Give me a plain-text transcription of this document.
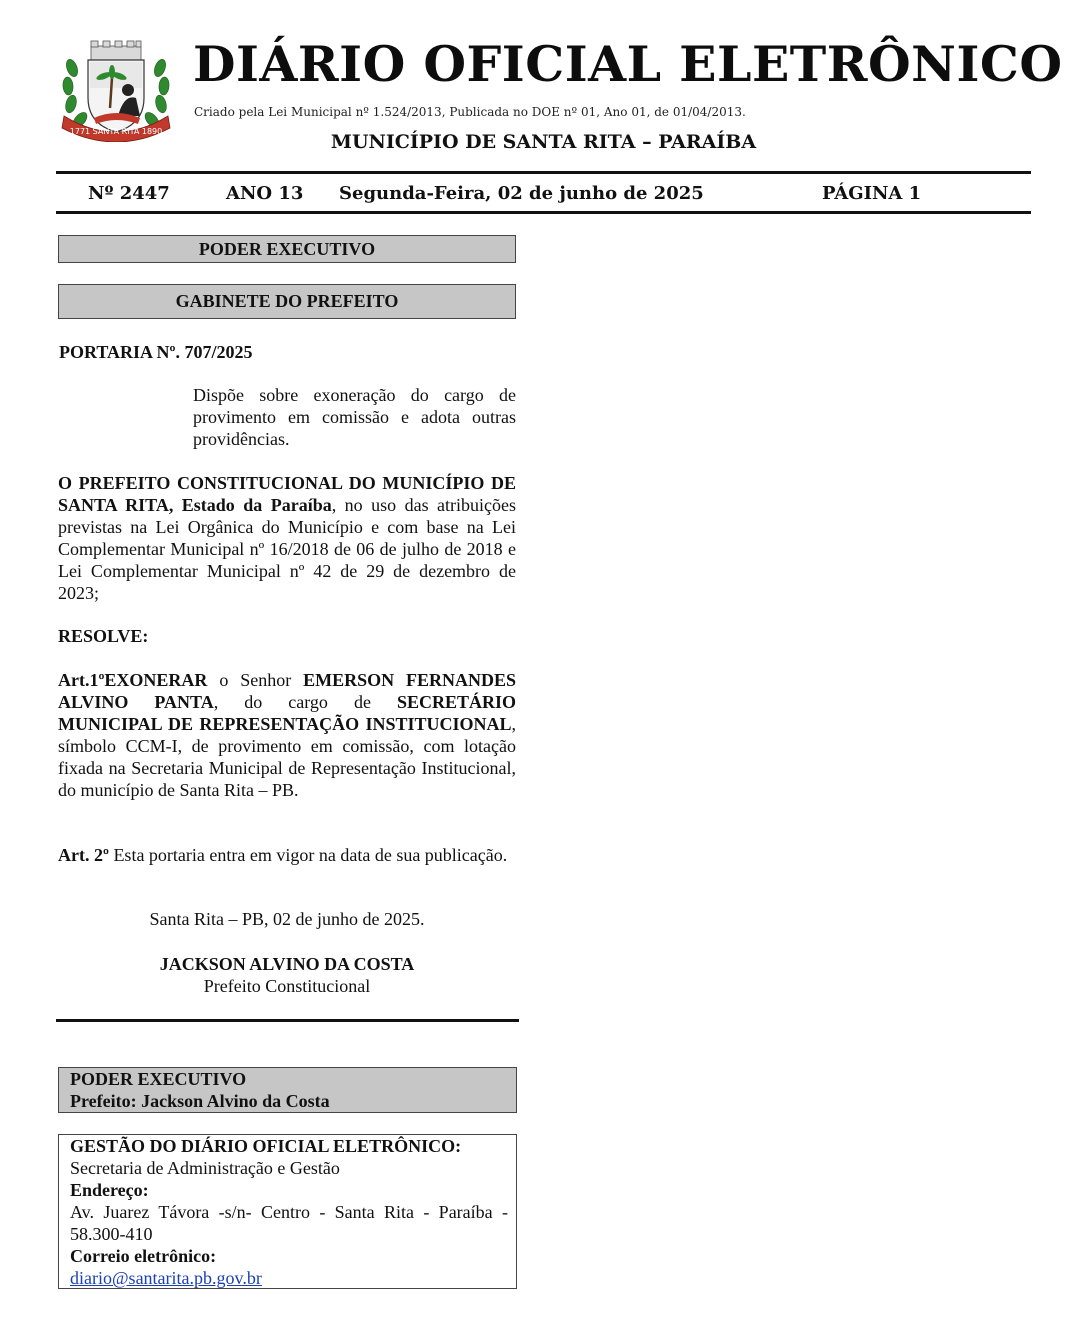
1771 SANTA RITA 1890
DIÁRIO OFICIAL ELETRÔNICO
Criado pela Lei Municipal nº 1.524/2013, Publicada no DOE nº 01, Ano 01, de 01/04/2013.
MUNICÍPIO DE SANTA RITA – PARAÍBA
Nº 2447	ANO 13 Segunda-Feira, 02 de junho de 2025	PÁGINA 1
PODER EXECUTIVO
GABINETE DO PREFEITO
PORTARIA Nº. 707/2025
Dispõe sobre exoneração do cargo de provimento em comissão e adota outras providências.
O PREFEITO CONSTITUCIONAL DO MUNICÍPIO DE SANTA RITA, Estado da Paraíba, no uso das atribuições previstas na Lei Orgânica do Município e com base na Lei Complementar Municipal nº 16/2018 de 06 de julho de 2018 e Lei Complementar Municipal nº 42 de 29 de dezembro de 2023;
RESOLVE:
Art.1ºEXONERAR o Senhor EMERSON FERNANDES ALVINO PANTA, do cargo de SECRETÁRIO MUNICIPAL DE REPRESENTAÇÃO INSTITUCIONAL, símbolo CCM-I, de provimento em comissão, com lotação fixada na Secretaria Municipal de Representação Institucional, do município de Santa Rita – PB.
Art. 2º Esta portaria entra em vigor na data de sua publicação.
Santa Rita – PB, 02 de junho de 2025.
JACKSON ALVINO DA COSTA
Prefeito Constitucional
PODER EXECUTIVO
Prefeito: Jackson Alvino da Costa
GESTÃO DO DIÁRIO OFICIAL ELETRÔNICO:
Secretaria de Administração e Gestão
Endereço:
Av. Juarez Távora -s/n- Centro - Santa Rita - Paraíba - 58.300-410
Correio eletrônico:
diario@santarita.pb.gov.br
